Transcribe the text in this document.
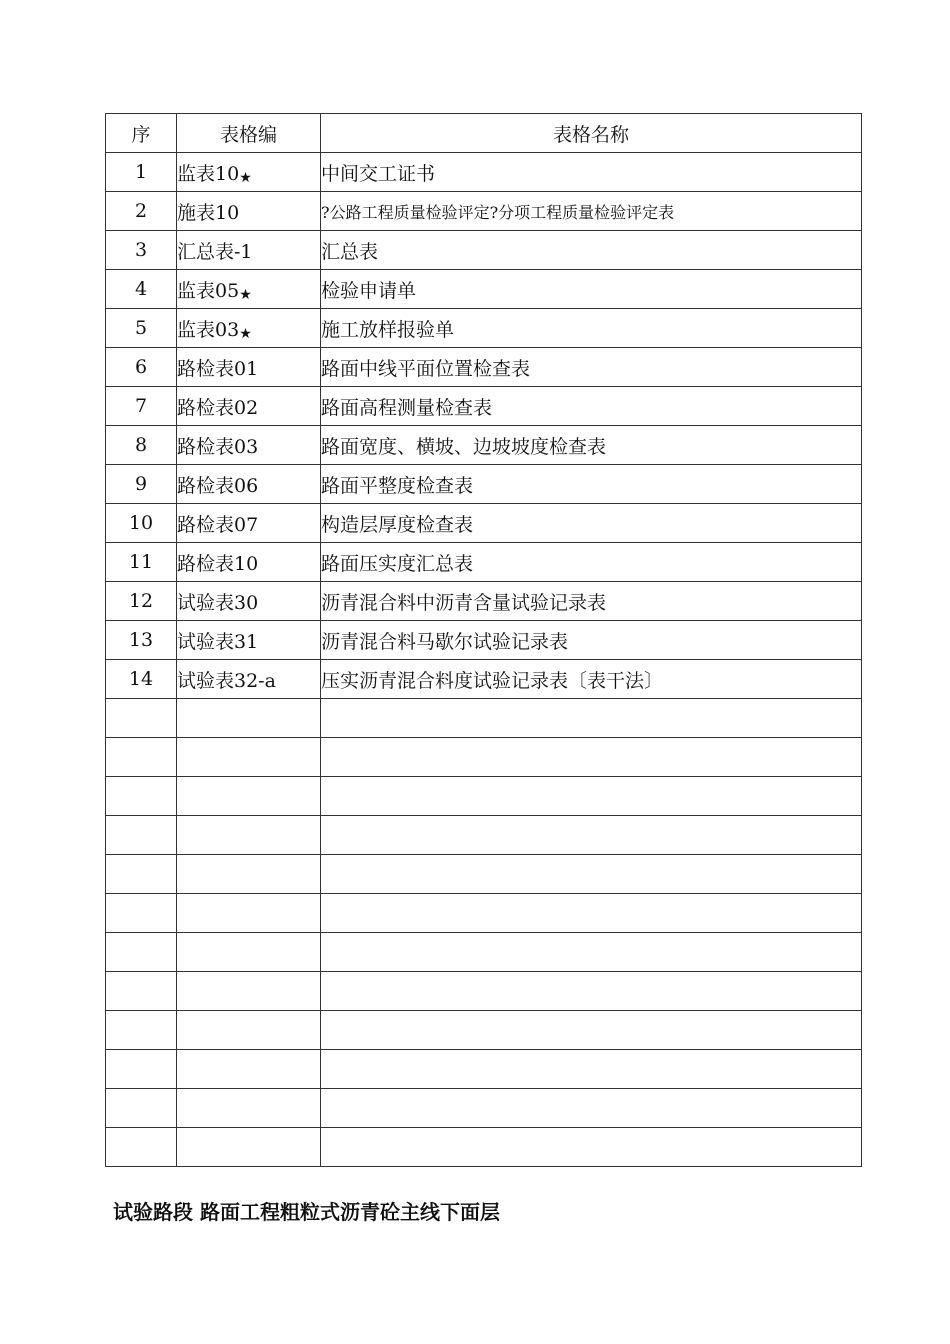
序	表格编	表格名称
1	监表10★	中间交工证书
2	施表10	?公路工程质量检验评定?分项工程质量检验评定表
3	汇总表-1	汇总表
4	监表05★	检验申请单
5	监表03★	施工放样报验单
6	路检表01	路面中线平面位置检查表
7	路检表02	路面高程测量检查表
8	路检表03	路面宽度、横坡、边坡坡度检查表
9	路检表06	路面平整度检查表
10	路检表07	构造层厚度检查表
11	路检表10	路面压实度汇总表
12	试验表30	沥青混合料中沥青含量试验记录表
13	试验表31	沥青混合料马歇尔试验记录表
14	试验表32-a	压实沥青混合料度试验记录表〔表干法〕

试验路段 路面工程粗粒式沥青砼主线下面层
